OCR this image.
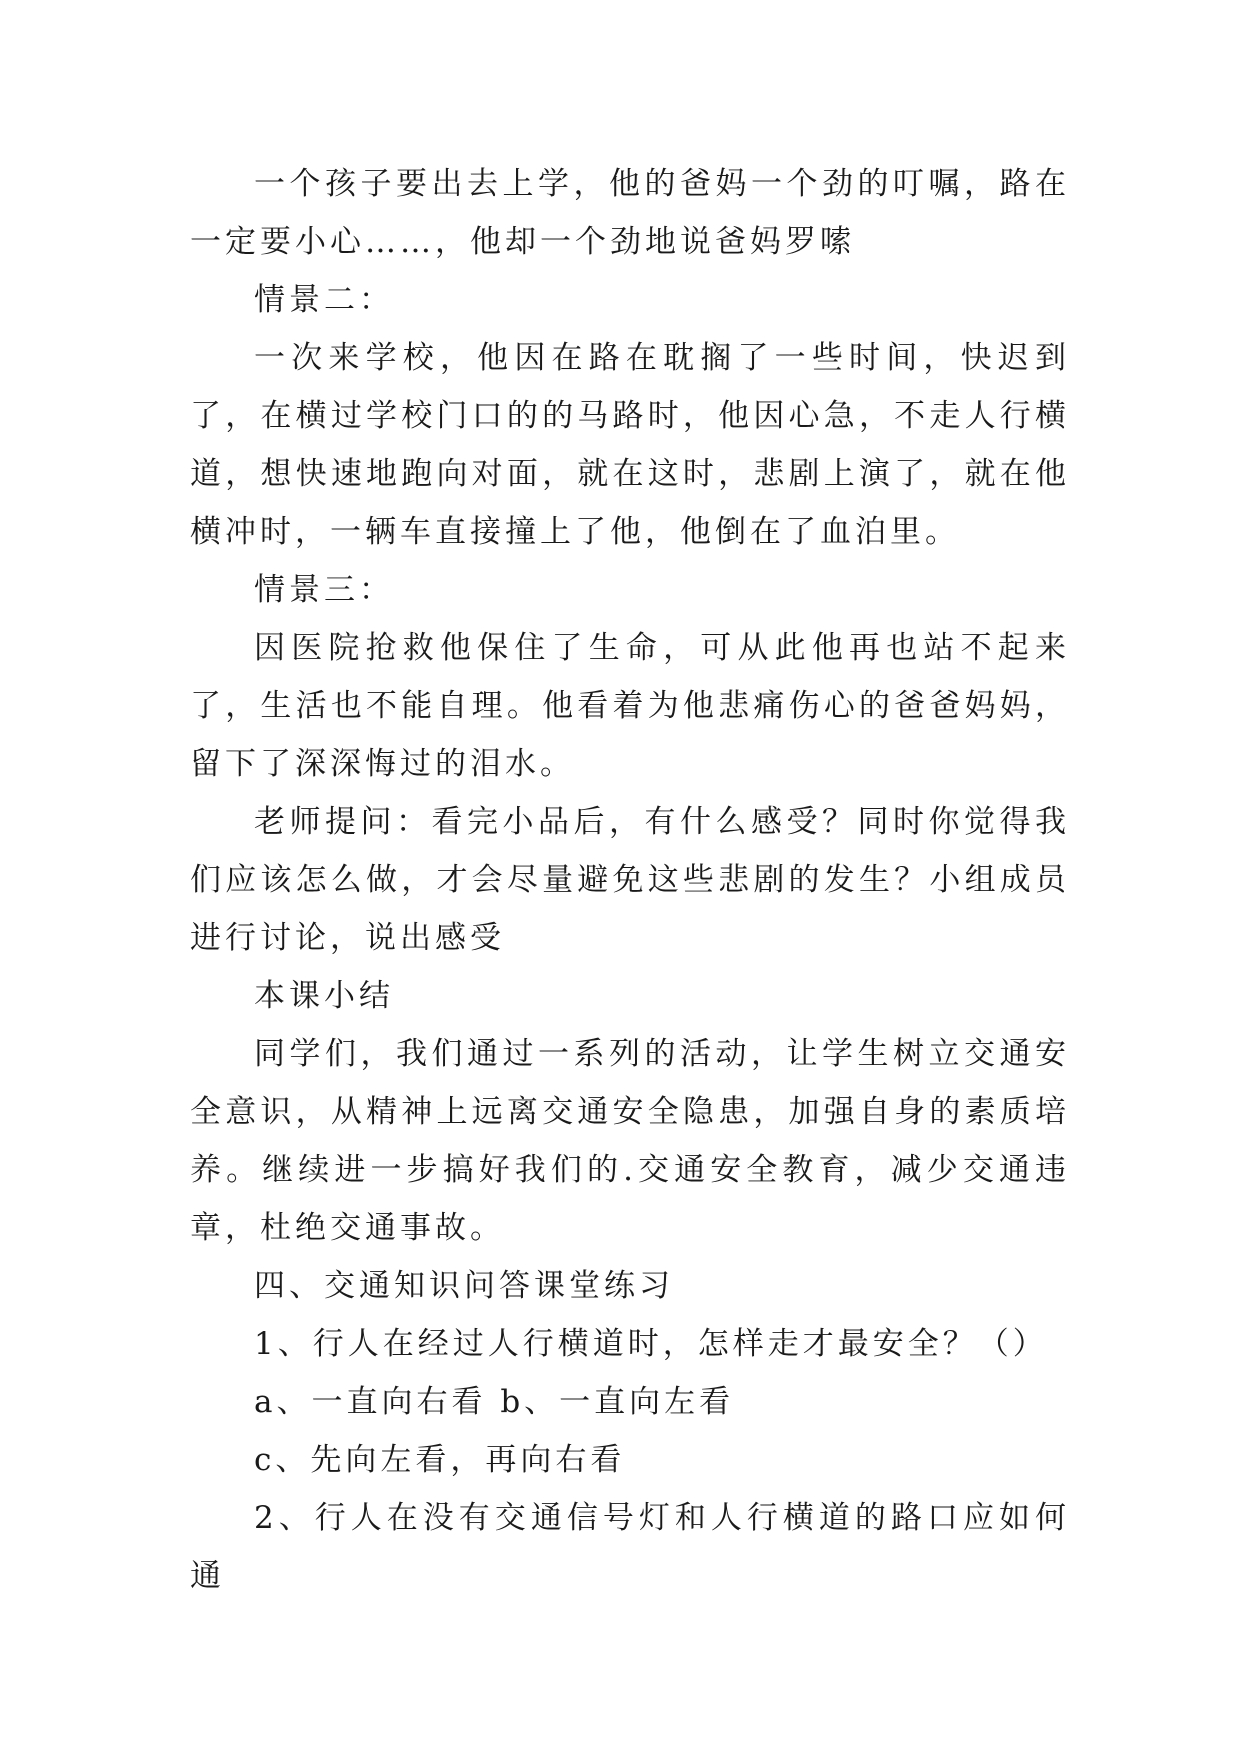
一个孩子要出去上学，他的爸妈一个劲的叮嘱，路在一定要小心……，他却一个劲地说爸妈罗嗦

情景二：

一次来学校，他因在路在耽搁了一些时间，快迟到了，在横过学校门口的的马路时，他因心急，不走人行横道，想快速地跑向对面，就在这时，悲剧上演了，就在他横冲时，一辆车直接撞上了他，他倒在了血泊里。

情景三：

因医院抢救他保住了生命，可从此他再也站不起来了，生活也不能自理。他看着为他悲痛伤心的爸爸妈妈，留下了深深悔过的泪水。

老师提问：看完小品后，有什么感受？同时你觉得我们应该怎么做，才会尽量避免这些悲剧的发生？小组成员进行讨论，说出感受

本课小结

同学们，我们通过一系列的活动，让学生树立交通安全意识，从精神上远离交通安全隐患，加强自身的素质培养。继续进一步搞好我们的.交通安全教育，减少交通违章，杜绝交通事故。

四、交通知识问答课堂练习

1、行人在经过人行横道时，怎样走才最安全？（）

a、一直向右看 b、一直向左看

c、先向左看，再向右看

2、行人在没有交通信号灯和人行横道的路口应如何通
